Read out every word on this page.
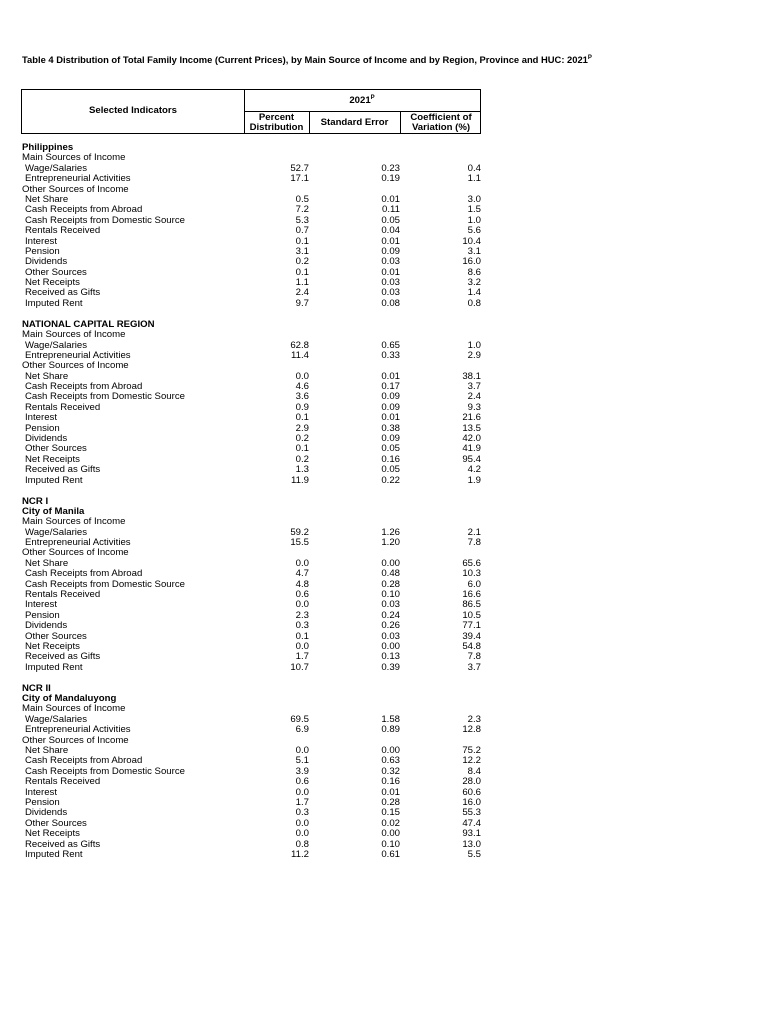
Table 4 Distribution of Total Family Income (Current Prices), by Main Source of Income and by Region, Province and HUC: $2021^P$
Selected Indicators
$2021^P$
Percent
Distribution	Standard Error	Coefficient of
Variation (%)
Philippines
Main Sources of Income
Wage/Salaries	52.7	0.23	0.4
Entrepreneurial Activities	17.1	0.19	1.1
Other Sources of Income
Net Share	0.5	0.01	3.0
Cash Receipts from Abroad	7.2	0.11	1.5
Cash Receipts from Domestic Source	5.3	0.05	1.0
Rentals Received	0.7	0.04	5.6
Interest	0.1	0.01	10.4
Pension	3.1	0.09	3.1
Dividends	0.2	0.03	16.0
Other Sources	0.1	0.01	8.6
Net Receipts	1.1	0.03	3.2
Received as Gifts	2.4	0.03	1.4
Imputed Rent	9.7	0.08	0.8
NATIONAL CAPITAL REGION
Main Sources of Income
Wage/Salaries	62.8	0.65	1.0
Entrepreneurial Activities	11.4	0.33	2.9
Other Sources of Income
Net Share	0.0	0.01	38.1
Cash Receipts from Abroad	4.6	0.17	3.7
Cash Receipts from Domestic Source	3.6	0.09	2.4
Rentals Received	0.9	0.09	9.3
Interest	0.1	0.01	21.6
Pension	2.9	0.38	13.5
Dividends	0.2	0.09	42.0
Other Sources	0.1	0.05	41.9
Net Receipts	0.2	0.16	95.4
Received as Gifts	1.3	0.05	4.2
Imputed Rent	11.9	0.22	1.9
NCR I
City of Manila
Main Sources of Income
Wage/Salaries	59.2	1.26	2.1
Entrepreneurial Activities	15.5	1.20	7.8
Other Sources of Income
Net Share	0.0	0.00	65.6
Cash Receipts from Abroad	4.7	0.48	10.3
Cash Receipts from Domestic Source	4.8	0.28	6.0
Rentals Received	0.6	0.10	16.6
Interest	0.0	0.03	86.5
Pension	2.3	0.24	10.5
Dividends	0.3	0.26	77.1
Other Sources	0.1	0.03	39.4
Net Receipts	0.0	0.00	54.8
Received as Gifts	1.7	0.13	7.8
Imputed Rent	10.7	0.39	3.7
NCR II
City of Mandaluyong
Main Sources of Income
Wage/Salaries	69.5	1.58	2.3
Entrepreneurial Activities	6.9	0.89	12.8
Other Sources of Income
Net Share	0.0	0.00	75.2
Cash Receipts from Abroad	5.1	0.63	12.2
Cash Receipts from Domestic Source	3.9	0.32	8.4
Rentals Received	0.6	0.16	28.0
Interest	0.0	0.01	60.6
Pension	1.7	0.28	16.0
Dividends	0.3	0.15	55.3
Other Sources	0.0	0.02	47.4
Net Receipts	0.0	0.00	93.1
Received as Gifts	0.8	0.10	13.0
Imputed Rent	11.2	0.61	5.5
